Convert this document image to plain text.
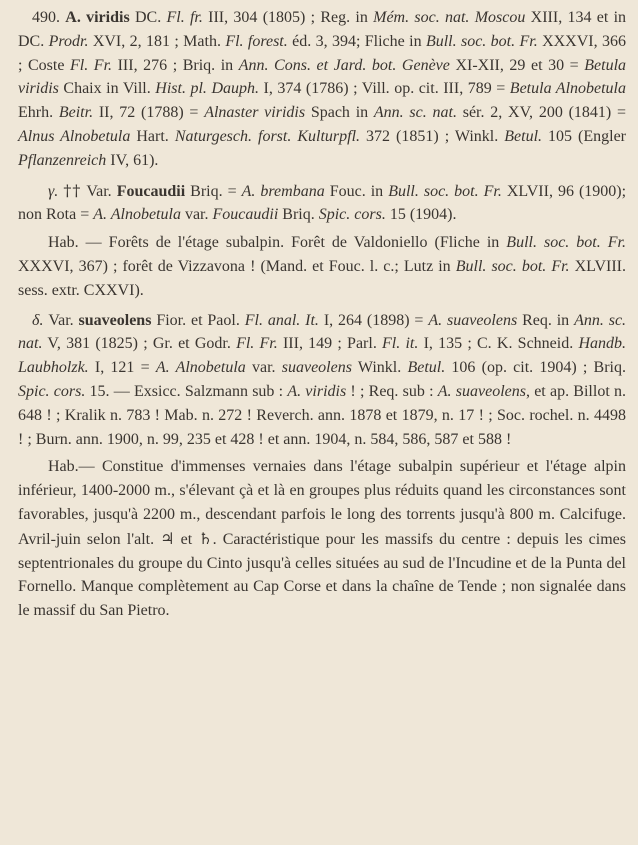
490. A. viridis DC. Fl. fr. III, 304 (1805) ; Reg. in Mém. soc. nat. Moscou XIII, 134 et in DC. Prodr. XVI, 2, 181 ; Math. Fl. forest. éd. 3, 394; Fliche in Bull. soc. bot. Fr. XXXVI, 366 ; Coste Fl. Fr. III, 276 ; Briq. in Ann. Cons. et Jard. bot. Genève XI-XII, 29 et 30 = Betula viridis Chaix in Vill. Hist. pl. Dauph. I, 374 (1786) ; Vill. op. cit. III, 789 = Betula Alnobetula Ehrh. Beitr. II, 72 (1788) = Alnaster viridis Spach in Ann. sc. nat. sér. 2, XV, 200 (1841) = Alnus Alnobetula Hart. Naturgesch. forst. Kulturpfl. 372 (1851) ; Winkl. Betul. 105 (Engler Pflanzenreich IV, 61).

γ. †† Var. Foucaudii Briq. = A. brembana Fouc. in Bull. soc. bot. Fr. XLVII, 96 (1900); non Rota = A. Alnobetula var. Foucaudii Briq. Spic. cors. 15 (1904).

Hab. — Forêts de l'étage subalpin. Forêt de Valdoniello (Fliche in Bull. soc. bot. Fr. XXXVI, 367) ; forêt de Vizzavona ! (Mand. et Fouc. l. c.; Lutz in Bull. soc. bot. Fr. XLVIII. sess. extr. CXXVI).

δ. Var. suaveolens Fior. et Paol. Fl. anal. It. I, 264 (1898) = A. suaveolens Req. in Ann. sc. nat. V, 381 (1825) ; Gr. et Godr. Fl. Fr. III, 149 ; Parl. Fl. it. I, 135 ; C. K. Schneid. Handb. Laubholzk. I, 121 = A. Alnobetula var. suaveolens Winkl. Betul. 106 (op. cit. 1904) ; Briq. Spic. cors. 15. — Exsicc. Salzmann sub : A. viridis ! ; Req. sub : A. suaveolens, et ap. Billot n. 648 ! ; Kralik n. 783 ! Mab. n. 272 ! Reverch. ann. 1878 et 1879, n. 17 ! ; Soc. rochel. n. 4498 ! ; Burn. ann. 1900, n. 99, 235 et 428 ! et ann. 1904, n. 584, 586, 587 et 588 !

Hab.— Constitue d'immenses vernaies dans l'étage subalpin supérieur et l'étage alpin inférieur, 1400-2000 m., s'élevant çà et là en groupes plus réduits quand les circonstances sont favorables, jusqu'à 2200 m., descendant parfois le long des torrents jusqu'à 800 m. Calcifuge. Avril-juin selon l'alt. ♃ et ♄. Caractéristique pour les massifs du centre : depuis les cimes septentrionales du groupe du Cinto jusqu'à celles situées au sud de l'Incudine et de la Punta del Fornello. Manque complètement au Cap Corse et dans la chaîne de Tende ; non signalée dans le massif du San Pietro.
